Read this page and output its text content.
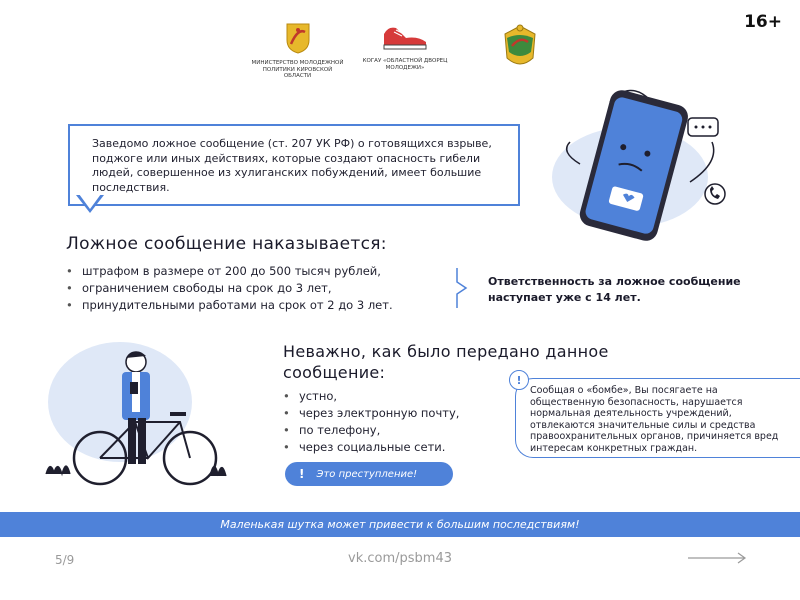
16+
МИНИСТЕРСТВО МОЛОДЕЖНОЙ ПОЛИТИКИ КИРОВСКОЙ ОБЛАСТИ
КОГАУ «ОБЛАСТНОЙ ДВОРЕЦ МОЛОДЕЖИ»
Заведомо ложное сообщение (ст. 207 УК РФ) о готовящихся взрыве, поджоге или иных действиях, которые создают опасность гибели людей, совершенное из хулиганских побуждений, имеет большие последствия.
Ложное сообщение наказывается:
• штрафом в размере от 200 до 500 тысяч рублей,
• ограничением свободы на срок до 3 лет,
• принудительными работами на срок от 2 до 3 лет.
Ответственность за ложное сообщение наступает уже с 14 лет.
Неважно, как было передано данное сообщение:
• устно,
• через электронную почту,
• по телефону,
• через социальные сети.
! Это преступление!
!
Сообщая о «бомбе», Вы посягаете на общественную безопасность, нарушается нормальная деятельность учреждений, отвлекаются значительные силы и средства правоохранительных органов, причиняется вред интересам конкретных граждан.
Маленькая шутка может привести к большим последствиям!
5/9	vk.com/psbm43
